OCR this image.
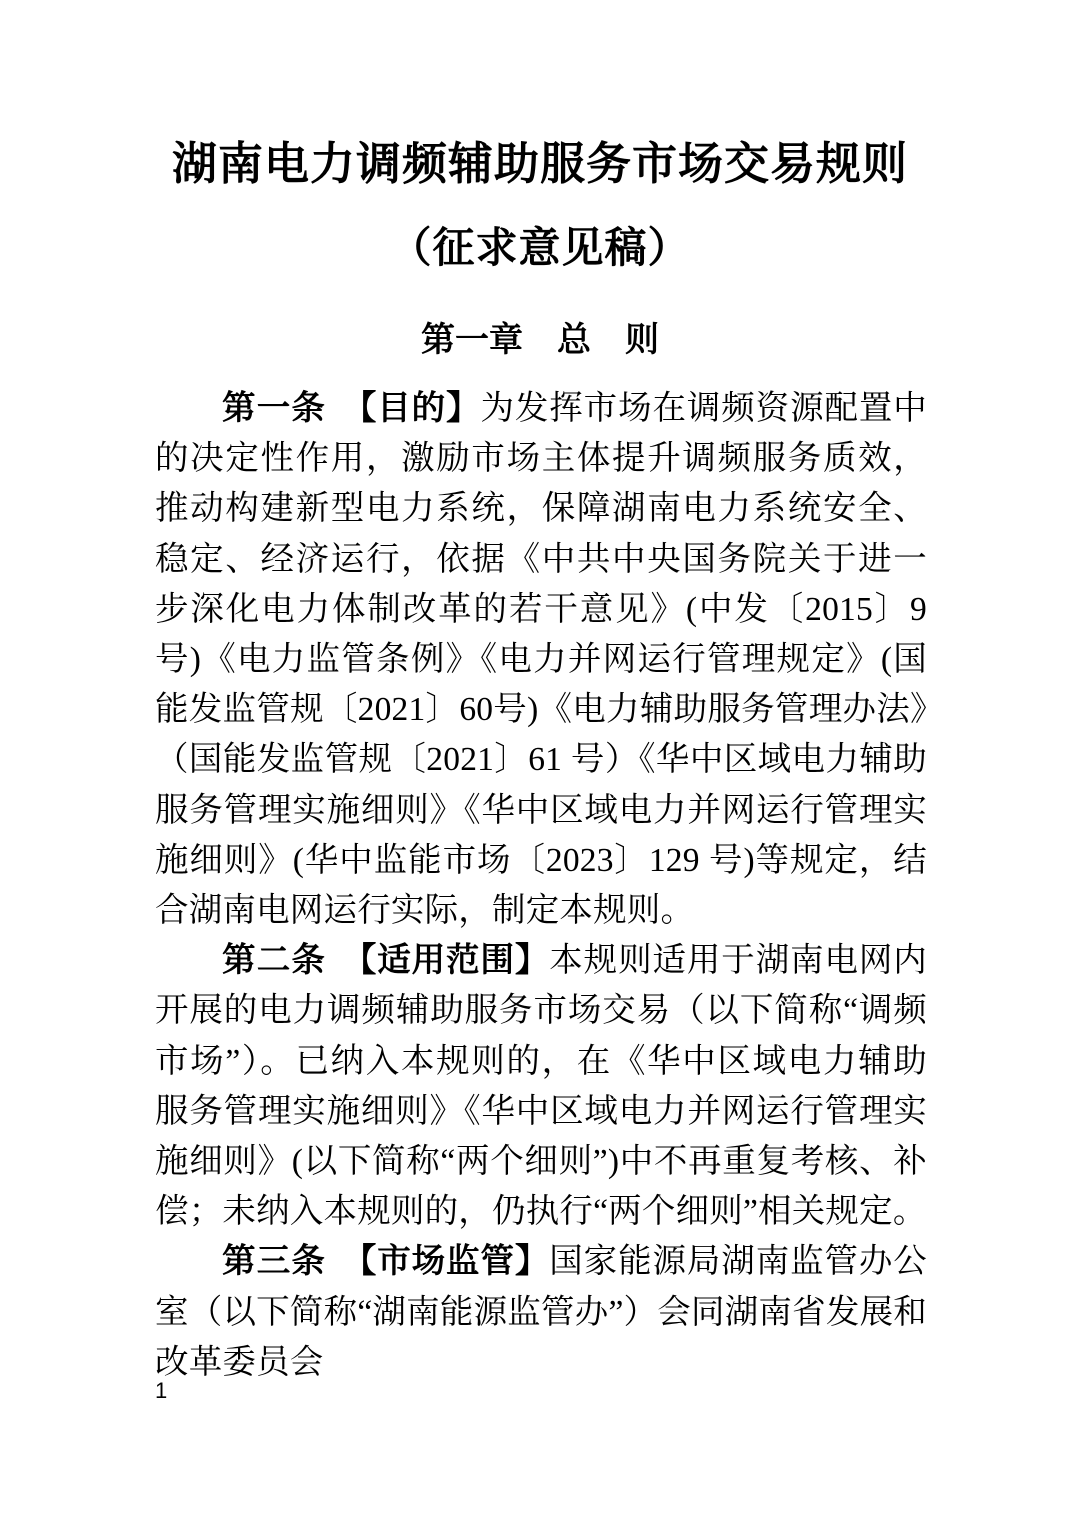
湖南电力调频辅助服务市场交易规则
（征求意见稿）
第一章　总　则

第一条 【目的】为发挥市场在调频资源配置中的决定性作用，激励市场主体提升调频服务质效，推动构建新型电力系统，保障湖南电力系统安全、稳定、经济运行，依据《中共中央国务院关于进一步深化电力体制改革的若干意见》(中发〔2015〕9号)《电力监管条例》《电力并网运行管理规定》(国能发监管规〔2021〕60号)《电力辅助服务管理办法》（国能发监管规〔2021〕61 号）《华中区域电力辅助服务管理实施细则》《华中区域电力并网运行管理实施细则》(华中监能市场〔2023〕129 号)等规定，结合湖南电网运行实际，制定本规则。

第二条 【适用范围】本规则适用于湖南电网内开展的电力调频辅助服务市场交易（以下简称“调频市场”）。已纳入本规则的，在《华中区域电力辅助服务管理实施细则》《华中区域电力并网运行管理实施细则》(以下简称“两个细则”)中不再重复考核、补偿；未纳入本规则的，仍执行“两个细则”相关规定。

第三条 【市场监管】国家能源局湖南监管办公室（以下简称“湖南能源监管办”）会同湖南省发展和改革委员会

1
